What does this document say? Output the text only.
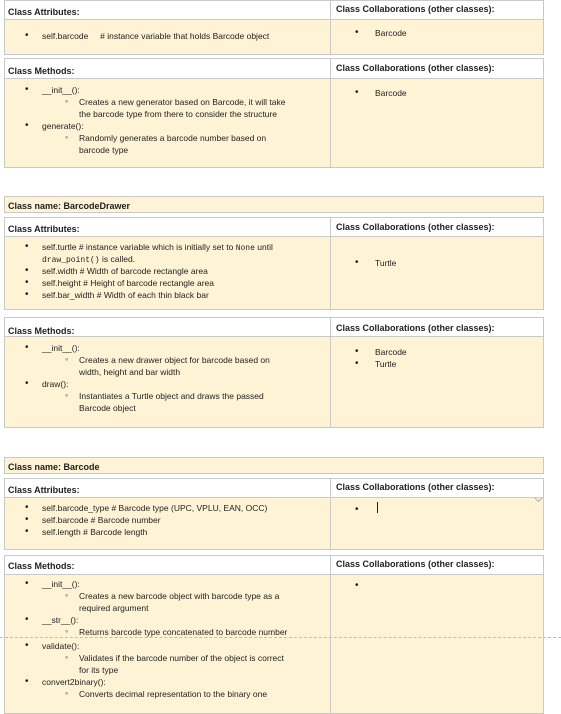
Class Attributes:	Class Collaborations (other classes):
• self.barcode # instance variable that holds Barcode object
•	Barcode
Class Methods:	Class Collaborations (other classes):
• __init__():
◦ Creates a new generator based on Barcode, it will take
the barcode type from there to consider the structure
• generate():
◦ Randomly generates a barcode number based on
barcode type
• Barcode
Class name: BarcodeDrawer
Class Attributes:	Class Collaborations (other classes):
• self.turtle # instance variable which is initially set to None until
draw_point() is called.
• self.width # Width of barcode rectangle area
• self.height # Height of barcode rectangle area
• self.bar_width # Width of each thin black bar
• Turtle
Class Methods:	Class Collaborations (other classes):
• __init__():
◦ Creates a new drawer object for barcode based on
width, height and bar width
• draw():
◦ Instantiates a Turtle object and draws the passed
Barcode object
• Barcode
• Turtle
Class name: Barcode
Class Attributes:	Class Collaborations (other classes):
• self.barcode_type # Barcode type (UPC, VPLU, EAN, OCC)
• self.barcode # Barcode number
• self.length # Barcode length
•
Class Methods:	Class Collaborations (other classes):
• __init__():
◦ Creates a new barcode object with barcode type as a
required argument
• __str__():
◦ Returns barcode type concatenated to barcode number
• validate():
◦ Validates if the barcode number of the object is correct
for its type
• convert2binary():
◦ Converts decimal representation to the binary one
•
